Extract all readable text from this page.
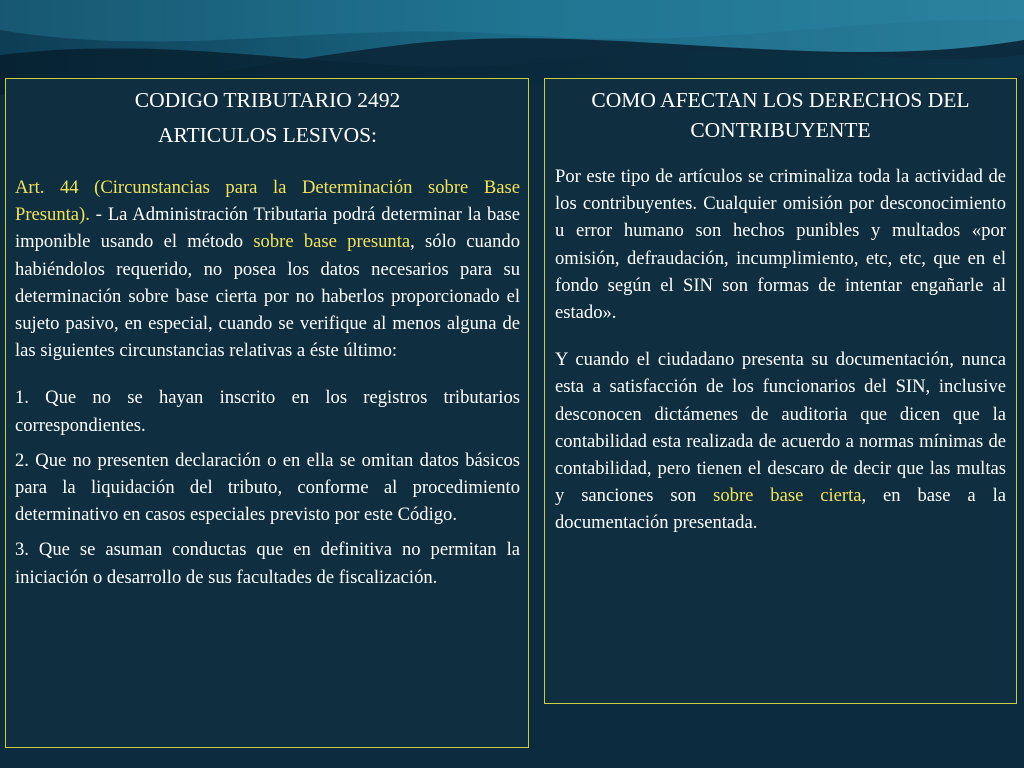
CODIGO TRIBUTARIO 2492

ARTICULOS LESIVOS:

Art. 44 (Circunstancias para la Determinación sobre Base Presunta). - La Administración Tributaria podrá determinar la base imponible usando el método sobre base presunta, sólo cuando habiéndolos requerido, no posea los datos necesarios para su determinación sobre base cierta por no haberlos proporcionado el sujeto pasivo, en especial, cuando se verifique al menos alguna de las siguientes circunstancias relativas a éste último:

1. Que no se hayan inscrito en los registros tributarios correspondientes.

2. Que no presenten declaración o en ella se omitan datos básicos para la liquidación del tributo, conforme al procedimiento determinativo en casos especiales previsto por este Código.

3. Que se asuman conductas que en definitiva no permitan la iniciación o desarrollo de sus facultades de fiscalización.

COMO AFECTAN LOS DERECHOS DEL CONTRIBUYENTE

Por este tipo de artículos se criminaliza toda la actividad de los contribuyentes. Cualquier omisión por desconocimiento u error humano son hechos punibles y multados «por omisión, defraudación, incumplimiento, etc, etc, que en el fondo según el SIN son formas de intentar engañarle al estado».

Y cuando el ciudadano presenta su documentación, nunca esta a satisfacción de los funcionarios del SIN, inclusive desconocen dictámenes de auditoria que dicen que la contabilidad esta realizada de acuerdo a normas mínimas de contabilidad, pero tienen el descaro de decir que las multas y sanciones son sobre base cierta, en base a la documentación presentada.
